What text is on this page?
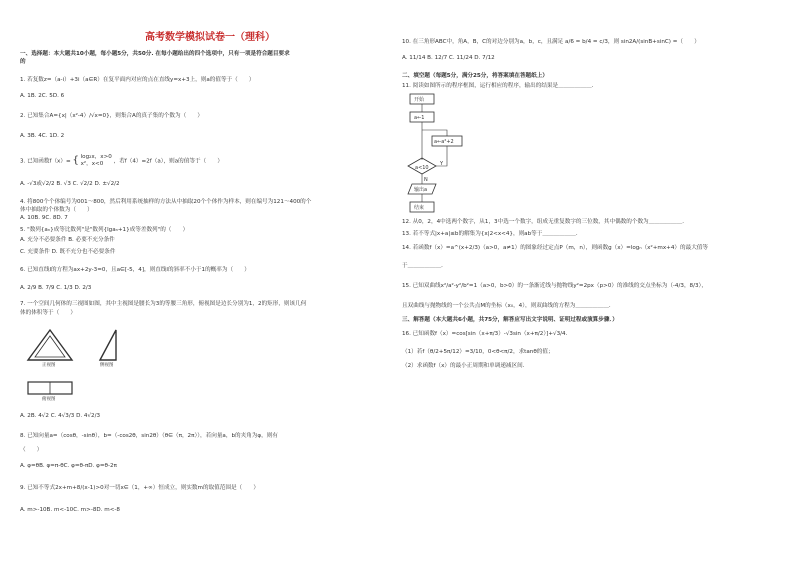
高考数学模拟试卷一（理科）
一、选择题：本大题共10小题，每小题5分，共50分. 在每小题给出的四个选项中，只有一项是符合题目要求
的
1. 若复数z=（a-i）+3i（a∈R）在复平面内对应的点在直线y=x+3上，则a的值等于（　　）
A. 1B. 2C. 5D. 6
2. 已知集合A={x|（x²-4）/√x=0}，则集合A的真子集的个数为（　　）
A. 3B. 4C. 1D. 2
3. 已知函数f（x）= { log₂x，x>0
x²，x<0	，若f（4）=2f（a），则a的值等于（　　）
A. -√3或√2/2 B. √3 C. √2/2 D. ±√2/2
4. 将800个个体编号为001～800，然后利用系统抽样的方法从中抽取20个个体作为样本，则在编号为121～400的个
体中抽取的个体数为（　　）
A. 10B. 9C. 8D. 7
5. "数列{aₙ}成等比数列"是"数列{lgaₙ+1}成等差数列"的（　　）
A. 充分不必要条件 B. 必要不充分条件
C. 充要条件 D. 既不充分也不必要条件
6. 已知直线l的方程为ax+2y-3=0，且a∈[-5，4]，则直线l的斜率不小于1的概率为（　　）
A. 2/9 B. 7/9 C. 1/3 D. 2/3
7. 一个空间几何体的三视图如图，其中主视图是腰长为3的等腰三角形，俯视图是边长分别为1，2的矩形，则该几何
体的体积等于（　　）
正视图	侧视图
俯视图
A. 2B. 4√2 C. 4√3/3 D. 4√2/3
8. 已知向量a=（cosθ，-sinθ），b=（-cos2θ，sin2θ）（θ∈（π，2π）），若向量a，b的夹角为φ，则有
（　　）
A. φ=θB. φ=π-θC. φ=θ-πD. φ=θ-2π
9. 已知不等式2x+m+8/(x-1)>0对一切x∈（1，+∞）恒成立，则实数m的取值范围是（　　）
A. m>-10B. m<-10C. m>-8D. m<-8
10. 在三角形ABC中，角A，B，C的对边分别为a，b，c，且满足 a/6 = b/4 = c/3，则 sin2A/(sinB+sinC) =（　　）
A. 11/14 B. 12/7 C. 11/24 D. 7/12
二、填空题（每题5分，满分25分，将答案填在答题纸上）
11. 阅读如图所示的程序框图，运行相应的程序，输出的结果是＿＿＿＿＿＿．
开始
a←1
a←a²+2
a<10
Y
N
输出a
结束
12. 从0，2，4中选两个数字，从1，3中选一个数字，组成无重复数字的三位数，其中偶数的个数为＿＿＿＿＿＿．
13. 若不等式|x+a|≤b的解集为{x|2<x<4}，则ab等于＿＿＿＿＿＿．
14. 若函数f（x）=a^(x+2/3)（a>0，a≠1）的图象经过定点P（m，n），则函数g（x）=logₙ（x²+mx+4）的最大值等
于＿＿＿＿＿＿．
15. 已知双曲线x²/a²-y²/b²=1（a>0，b>0）的一条渐近线与抛物线y²=2px（p>0）的准线的交点坐标为（-4/3，8/3），
且双曲线与抛物线的一个公共点M的坐标（x₀，4），则双曲线的方程为＿＿＿＿＿＿．
三、解答题（本大题共6小题，共75分，解答应写出文字说明、证明过程或演算步骤．）
16. 已知函数f（x）=cos[sin（x+π/3）-√3sin（x+π/2）]+√3/4．
（1）若f（θ/2+5π/12）=3/10，0<θ<π/2，求tanθ的值；
（2）求函数f（x）的最小正周期和单调递减区间．
